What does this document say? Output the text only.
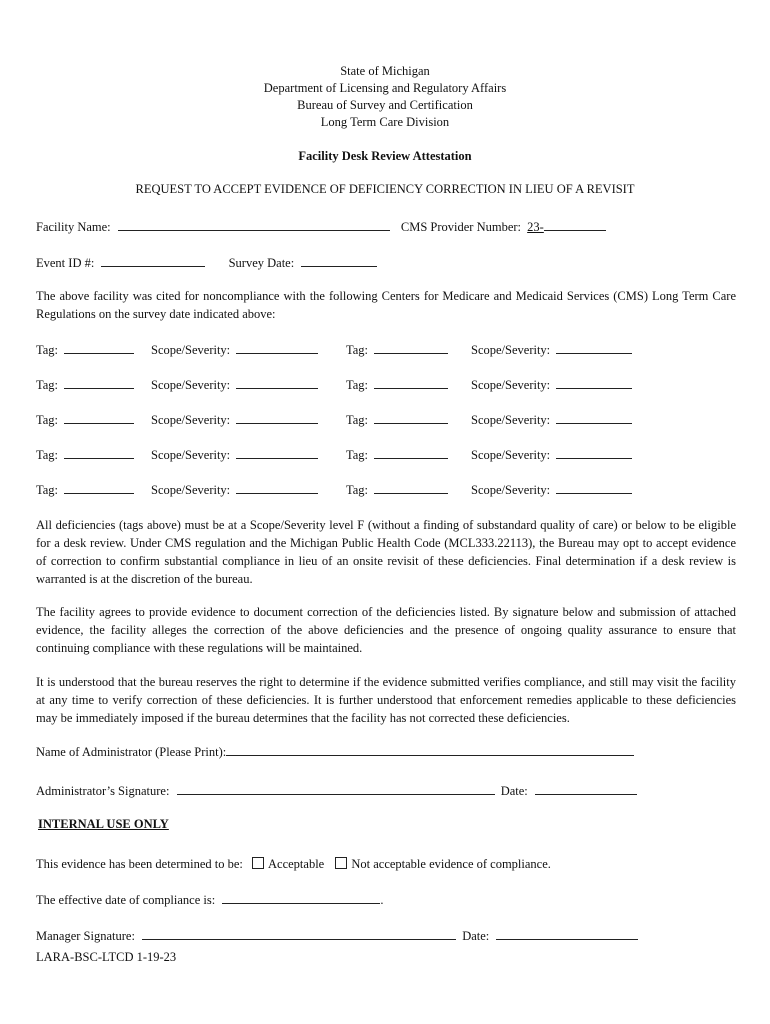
State of Michigan
Department of Licensing and Regulatory Affairs
Bureau of Survey and Certification
Long Term Care Division
Facility Desk Review Attestation
REQUEST TO ACCEPT EVIDENCE OF DEFICIENCY CORRECTION IN LIEU OF A REVISIT
Facility Name:	CMS Provider Number: 23-
Event ID #:	Survey Date:
The above facility was cited for noncompliance with the following Centers for Medicare and Medicaid Services (CMS) Long Term Care Regulations on the survey date indicated above:
Tag:	Scope/Severity:	Tag:	Scope/Severity:
Tag:	Scope/Severity:	Tag:	Scope/Severity:
Tag:	Scope/Severity:	Tag:	Scope/Severity:
Tag:	Scope/Severity:	Tag:	Scope/Severity:
Tag:	Scope/Severity:	Tag:	Scope/Severity:
All deficiencies (tags above) must be at a Scope/Severity level F (without a finding of substandard quality of care) or below to be eligible for a desk review. Under CMS regulation and the Michigan Public Health Code (MCL333.22113), the Bureau may opt to accept evidence of correction to confirm substantial compliance in lieu of an onsite revisit of these deficiencies. Final determination if a desk review is warranted is at the discretion of the bureau.
The facility agrees to provide evidence to document correction of the deficiencies listed. By signature below and submission of attached evidence, the facility alleges the correction of the above deficiencies and the presence of ongoing quality assurance to ensure that continuing compliance with these regulations will be maintained.
It is understood that the bureau reserves the right to determine if the evidence submitted verifies compliance, and still may visit the facility at any time to verify correction of these deficiencies. It is further understood that enforcement remedies applicable to these deficiencies may be immediately imposed if the bureau determines that the facility has not corrected these deficiencies.
Name of Administrator (Please Print):
Administrator’s Signature:	Date:
INTERNAL USE ONLY
This evidence has been determined to be: Acceptable Not acceptable evidence of compliance.
The effective date of compliance is:	.
Manager Signature:	Date:
LARA-BSC-LTCD 1-19-23
